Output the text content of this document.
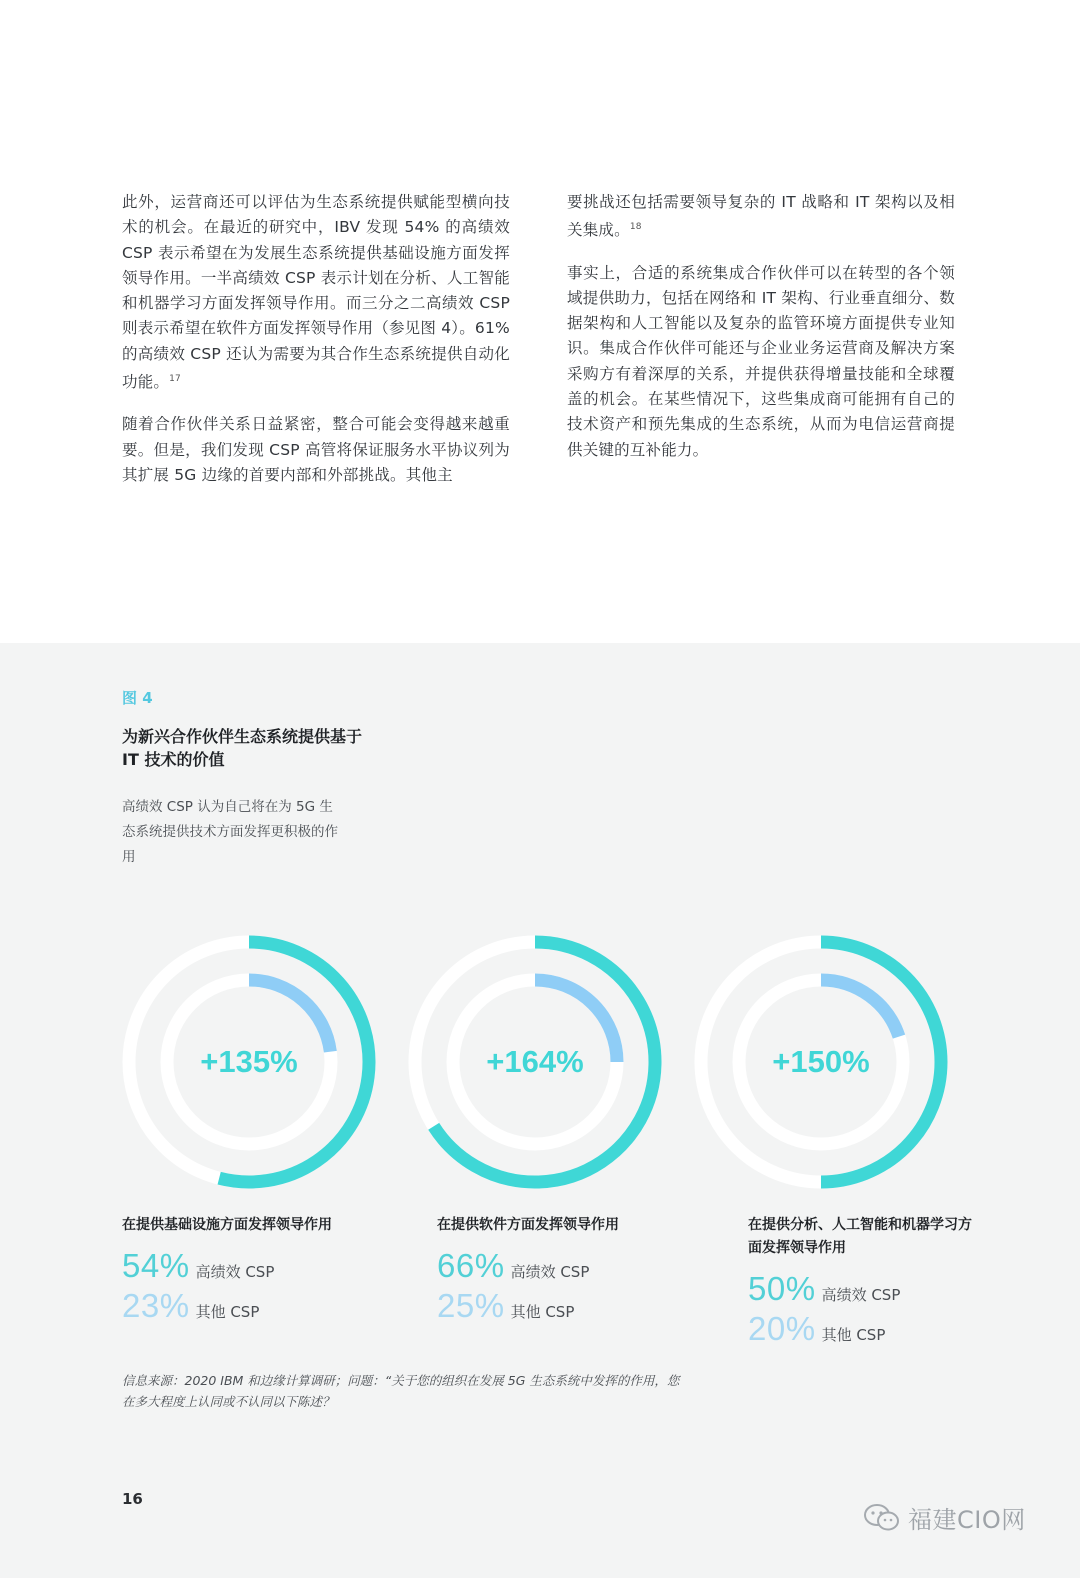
此外，运营商还可以评估为生态系统提供赋能型横向技术的机会。在最近的研究中，IBV 发现 54% 的高绩效 CSP 表示希望在为发展生态系统提供基础设施方面发挥领导作用。一半高绩效 CSP 表示计划在分析、人工智能和机器学习方面发挥领导作用。而三分之二高绩效 CSP 则表示希望在软件方面发挥领导作用（参见图 4）。61% 的高绩效 CSP 还认为需要为其合作生态系统提供自动化功能。$^{17}$

随着合作伙伴关系日益紧密，整合可能会变得越来越重要。但是，我们发现 CSP 高管将保证服务水平协议列为其扩展 5G 边缘的首要内部和外部挑战。其他主

要挑战还包括需要领导复杂的 IT 战略和 IT 架构以及相关集成。$^{18}$

事实上，合适的系统集成合作伙伴可以在转型的各个领域提供助力，包括在网络和 IT 架构、行业垂直细分、数据架构和人工智能以及复杂的监管环境方面提供专业知识。集成合作伙伴可能还与企业业务运营商及解决方案采购方有着深厚的关系，并提供获得增量技能和全球覆盖的机会。在某些情况下，这些集成商可能拥有自己的技术资产和预先集成的生态系统，从而为电信运营商提供关键的互补能力。

图 4
为新兴合作伙伴生态系统提供基于 IT 技术的价值
高绩效 CSP 认为自己将在为 5G 生态系统提供技术方面发挥更积极的作用
+135%	+164%	+150%
在提供基础设施方面发挥领导作用
54% 高绩效 CSP
23% 其他 CSP
在提供软件方面发挥领导作用
66% 高绩效 CSP
25% 其他 CSP
在提供分析、人工智能和机器学习方面发挥领导作用
50% 高绩效 CSP
20% 其他 CSP
信息来源：2020 IBM 和边缘计算调研；问题：“关于您的组织在发展 5G 生态系统中发挥的作用，您在多大程度上认同或不认同以下陈述？
16
福建CIO网
